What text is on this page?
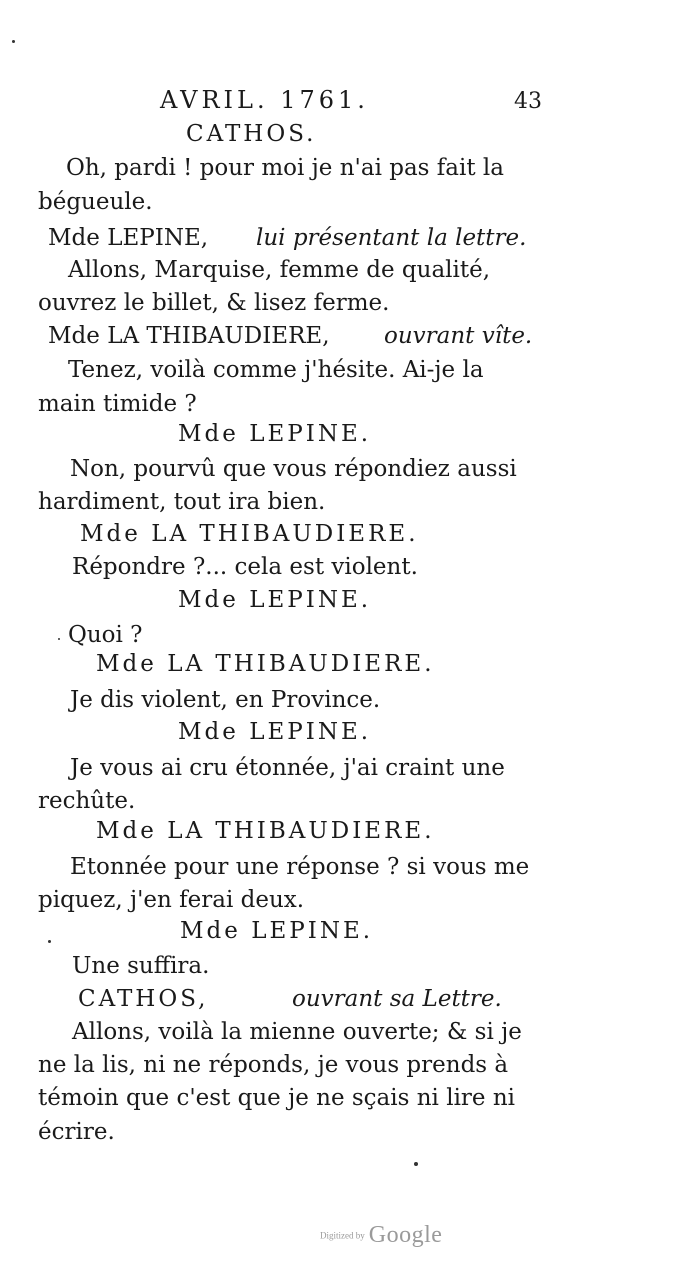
AVRIL. 1761.	43
CATHOS.
Oh, pardi ! pour moi je n'ai pas fait la
bégueule.
Mde LEPINE, lui présentant la lettre.
Allons, Marquise, femme de qualité,
ouvrez le billet, & lisez ferme.
Mde LA THIBAUDIERE, ouvrant vîte.
Tenez, voilà comme j'hésite. Ai-je la
main timide ?
Mde LEPINE.
Non, pourvû que vous répondiez aussi
hardiment, tout ira bien.
Mde LA THIBAUDIERE.
Répondre ?... cela est violent.
Mde LEPINE.
Quoi ?
Mde LA THIBAUDIERE.
Je dis violent, en Province.
Mde LEPINE.
Je vous ai cru étonnée, j'ai craint une
rechûte.
Mde LA THIBAUDIERE.
Etonnée pour une réponse ? si vous me
piquez, j'en ferai deux.
Mde LEPINE.
Une suffira.
CATHOS,	ouvrant sa Lettre.
Allons, voilà la mienne ouverte; & si je
ne la lis, ni ne réponds, je vous prends à
témoin que c'est que je ne sçais ni lire ni
écrire.
Digitized by Google
